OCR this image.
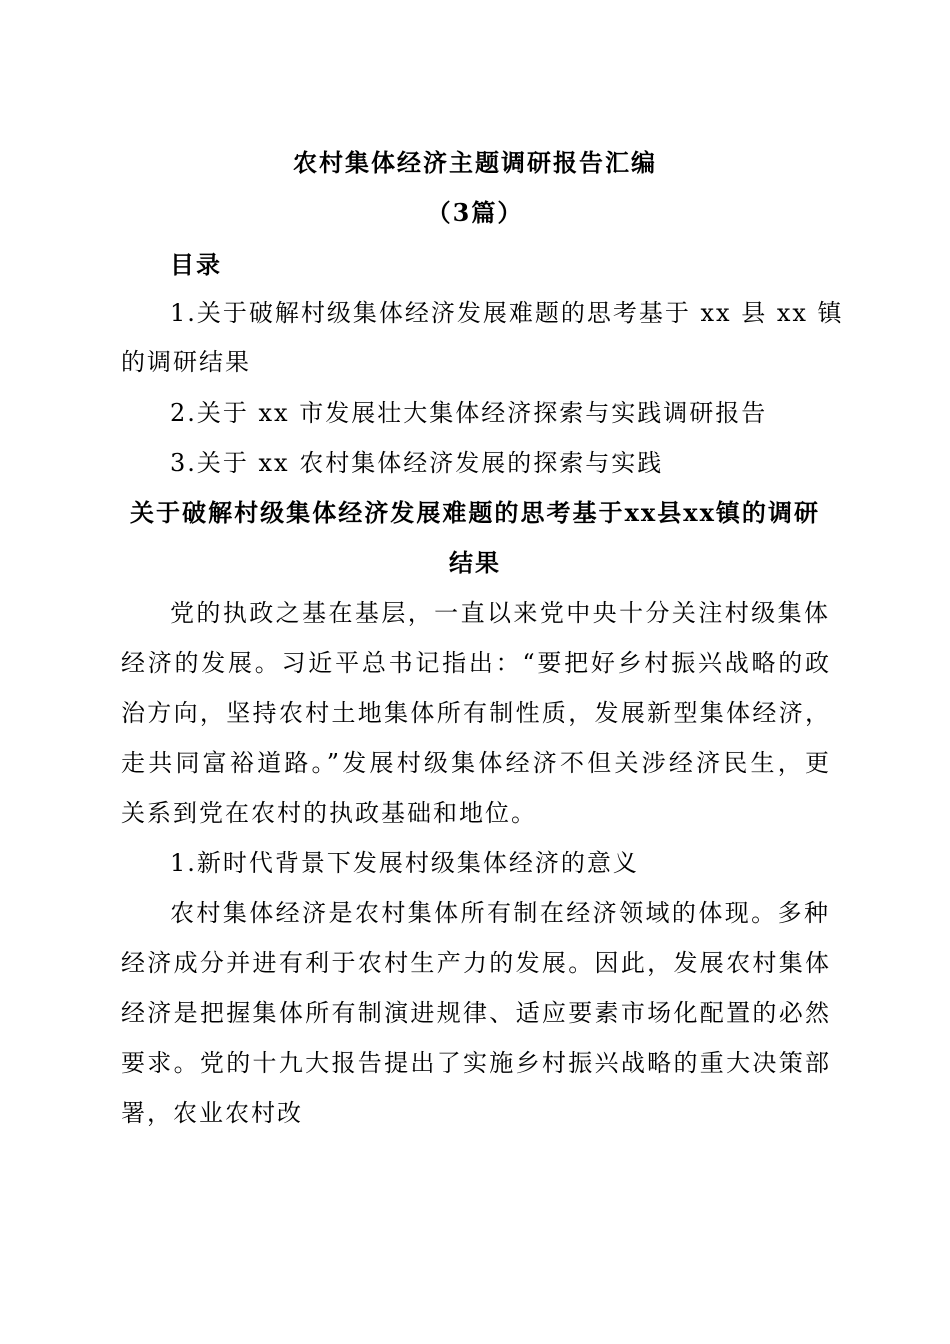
农村集体经济主题调研报告汇编
（3篇）
目录
1.关于破解村级集体经济发展难题的思考基于 xx 县 xx 镇
的调研结果
2.关于 xx 市发展壮大集体经济探索与实践调研报告
3.关于 xx 农村集体经济发展的探索与实践
关于破解村级集体经济发展难题的思考基于xx县xx镇的调研
结果
党的执政之基在基层，一直以来党中央十分关注村级集体
经济的发展。习近平总书记指出：“要把好乡村振兴战略的政
治方向，坚持农村土地集体所有制性质，发展新型集体经济，
走共同富裕道路。”发展村级集体经济不但关涉经济民生，更
关系到党在农村的执政基础和地位。
1.新时代背景下发展村级集体经济的意义
农村集体经济是农村集体所有制在经济领域的体现。多种
经济成分并进有利于农村生产力的发展。因此，发展农村集体
经济是把握集体所有制演进规律、适应要素市场化配置的必然
要求。党的十九大报告提出了实施乡村振兴战略的重大决策部
署，农业农村改
